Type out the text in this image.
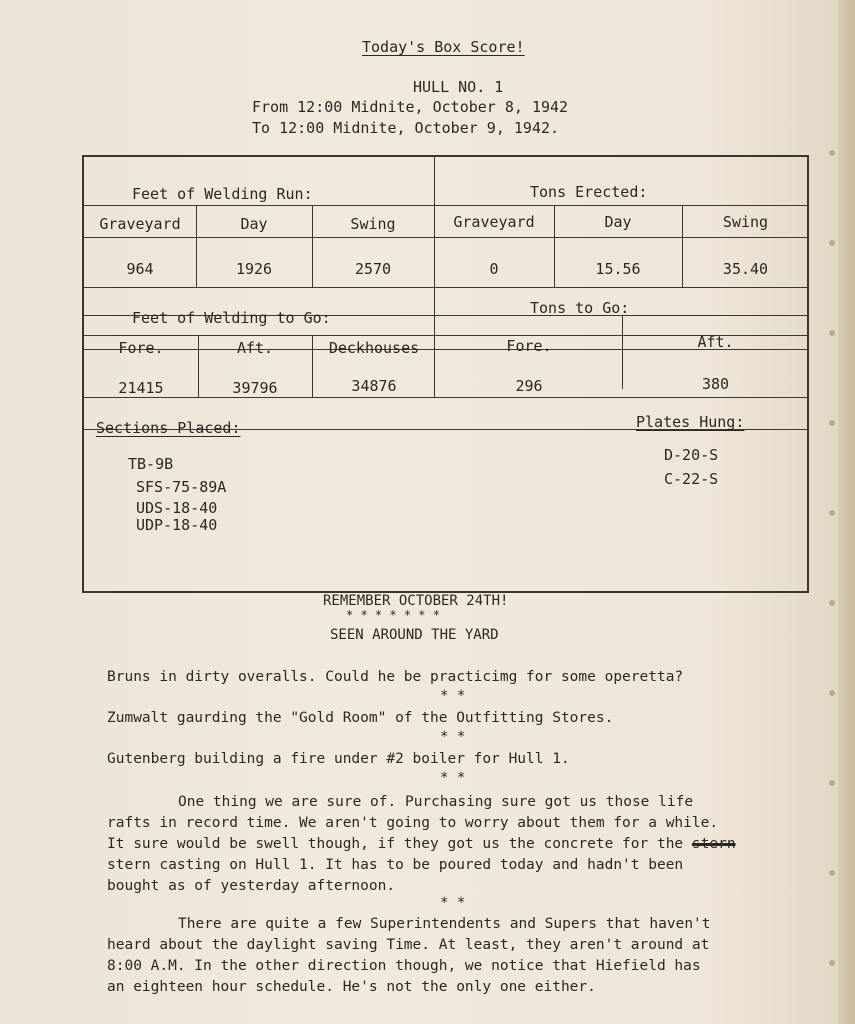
Today's Box Score!
HULL NO. 1
From 12:00 Midnite, October 8, 1942
To 12:00 Midnite, October 9, 1942.
Feet of Welding Run:
Graveyard	Day	Swing
964	1926	2570
Tons Erected:
Graveyard	Day	Swing
0	15.56	35.40
Feet of Welding to Go:
Fore.	Aft.	Deckhouses
21415	39796	34876
Tons to Go:
Fore.	Aft.
296	380
Sections Placed:
TB-9B
SFS-75-89A
UDS-18-40
UDP-18-40
Plates Hung:
D-20-S
C-22-S
REMEMBER OCTOBER 24TH!
* * * * * * *
SEEN AROUND THE YARD
Bruns in dirty overalls. Could he be practicimg for some operetta?
* *
Zumwalt gaurding the "Gold Room" of the Outfitting Stores.
* *
Gutenberg building a fire under #2 boiler for Hull 1.
* *
One thing we are sure of. Purchasing sure got us those life
rafts in record time. We aren't going to worry about them for a while.
It sure would be swell though, if they got us the concrete for the stern
stern casting on Hull 1. It has to be poured today and hadn't been
bought as of yesterday afternoon.
* *
There are quite a few Superintendents and Supers that haven't
heard about the daylight saving Time. At least, they aren't around at
8:00 A.M. In the other direction though, we notice that Hiefield has
an eighteen hour schedule. He's not the only one either.
